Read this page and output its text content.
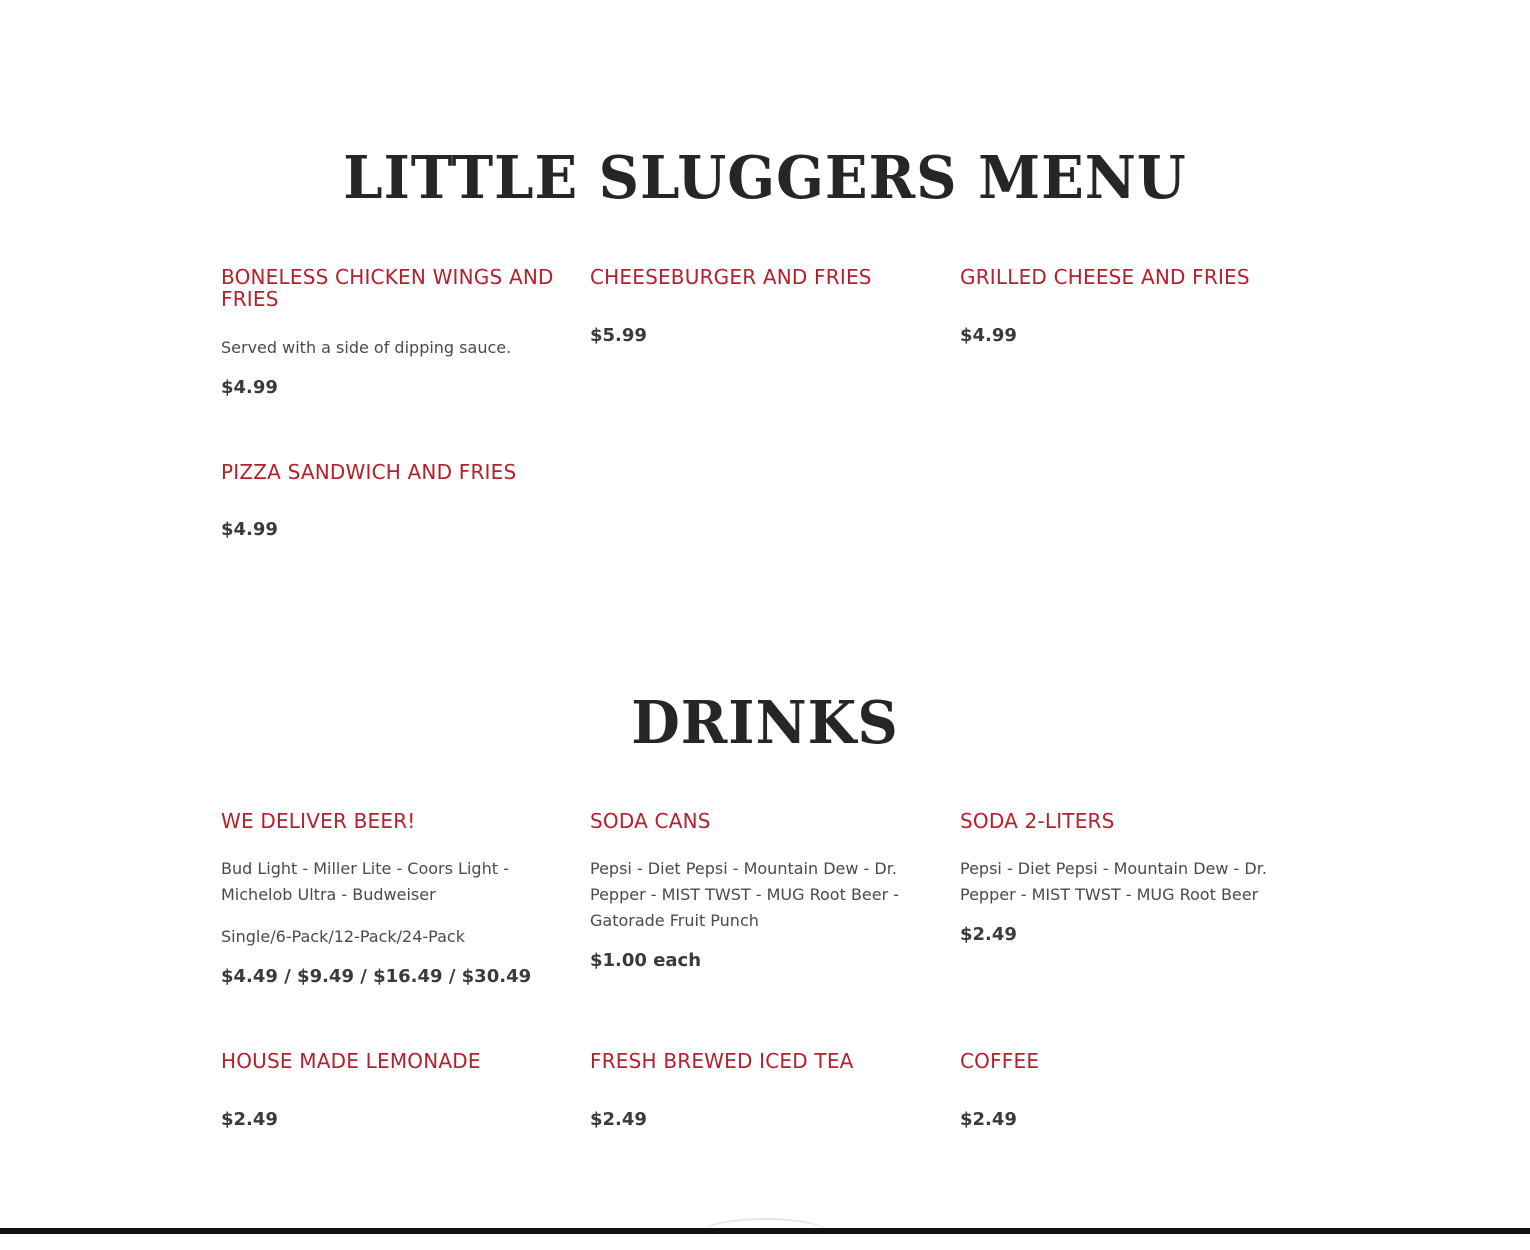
LITTLE SLUGGERS MENU
BONELESS CHICKEN WINGS AND FRIES

Served with a side of dipping sauce.

$4.99

CHEESEBURGER AND FRIES

$5.99

GRILLED CHEESE AND FRIES

$4.99

PIZZA SANDWICH AND FRIES

$4.99

DRINKS
WE DELIVER BEER!

Bud Light - Miller Lite - Coors Light - Michelob Ultra - Budweiser

Single/6-Pack/12-Pack/24-Pack

$4.49 / $9.49 / $16.49 / $30.49

SODA CANS

Pepsi - Diet Pepsi - Mountain Dew - Dr. Pepper - MIST TWST - MUG Root Beer - Gatorade Fruit Punch

$1.00 each

SODA 2-LITERS

Pepsi - Diet Pepsi - Mountain Dew - Dr. Pepper - MIST TWST - MUG Root Beer

$2.49

HOUSE MADE LEMONADE

$2.49

FRESH BREWED ICED TEA

$2.49

COFFEE

$2.49
